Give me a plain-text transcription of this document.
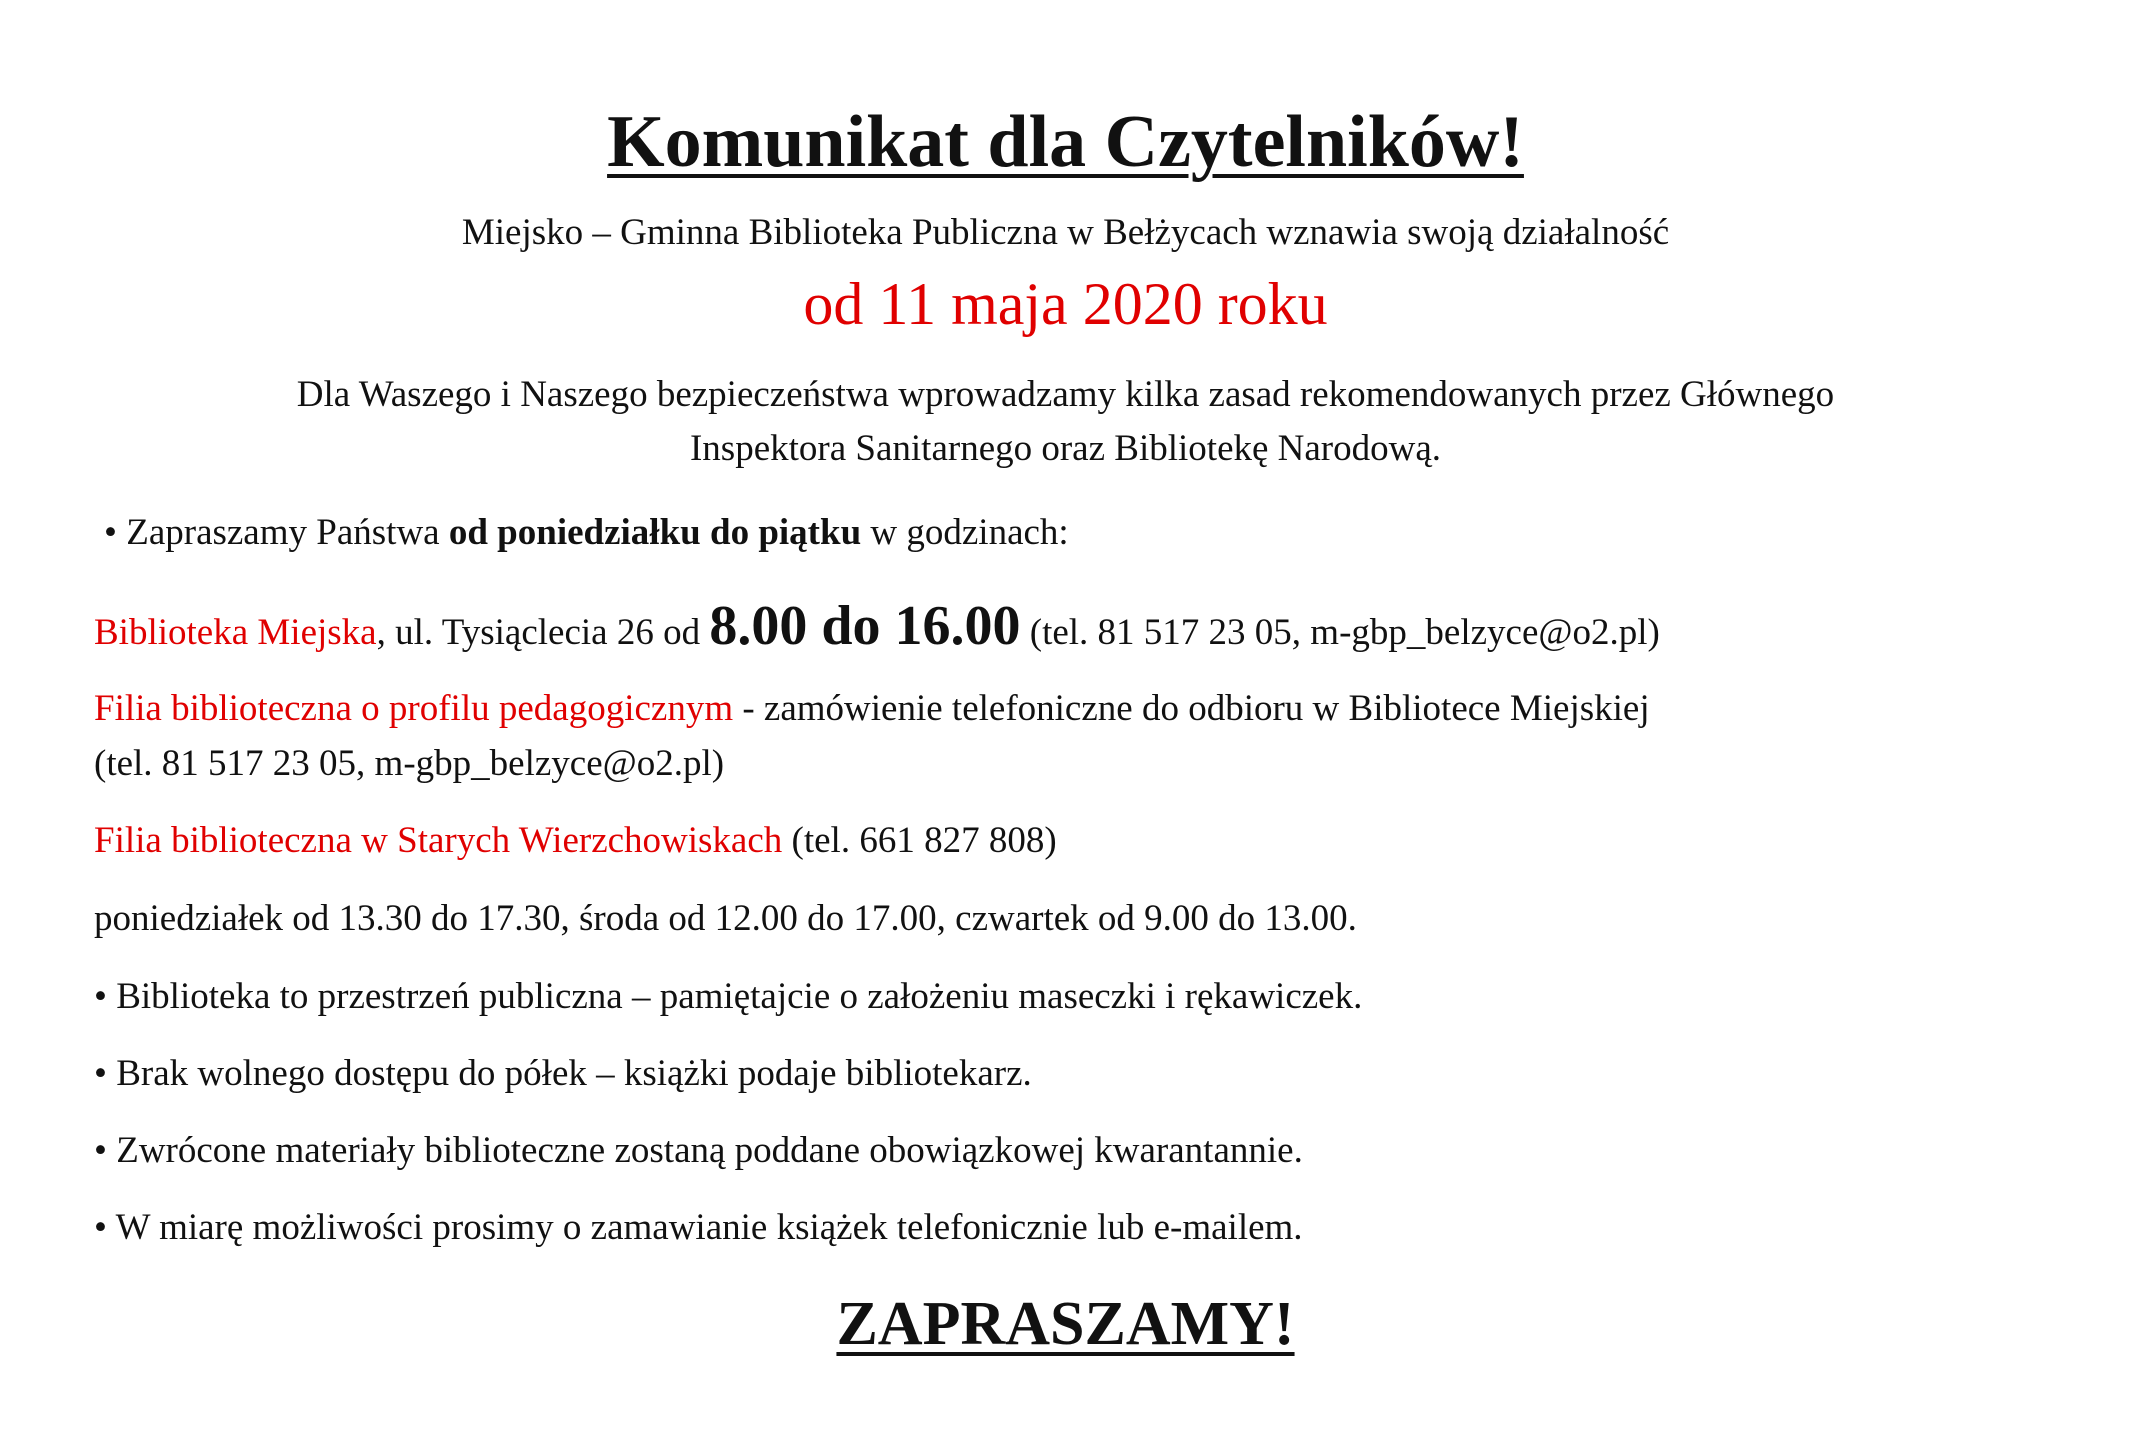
Komunikat dla Czytelników!
Miejsko – Gminna Biblioteka Publiczna w Bełżycach wznawia swoją działalność
od 11 maja 2020 roku
Dla Waszego i Naszego bezpieczeństwa wprowadzamy kilka zasad rekomendowanych przez Głównego
Inspektora Sanitarnego oraz Bibliotekę Narodową.
• Zapraszamy Państwa od poniedziałku do piątku w godzinach:
Biblioteka Miejska, ul. Tysiąclecia 26 od 8.00 do 16.00 (tel. 81 517 23 05, m-gbp_belzyce@o2.pl)
Filia biblioteczna o profilu pedagogicznym - zamówienie telefoniczne do odbioru w Bibliotece Miejskiej
(tel. 81 517 23 05, m-gbp_belzyce@o2.pl)
Filia biblioteczna w Starych Wierzchowiskach (tel. 661 827 808)
poniedziałek od 13.30 do 17.30, środa od 12.00 do 17.00, czwartek od 9.00 do 13.00.
• Biblioteka to przestrzeń publiczna – pamiętajcie o założeniu maseczki i rękawiczek.
• Brak wolnego dostępu do półek – książki podaje bibliotekarz.
• Zwrócone materiały biblioteczne zostaną poddane obowiązkowej kwarantannie.
• W miarę możliwości prosimy o zamawianie książek telefonicznie lub e-mailem.
ZAPRASZAMY!
